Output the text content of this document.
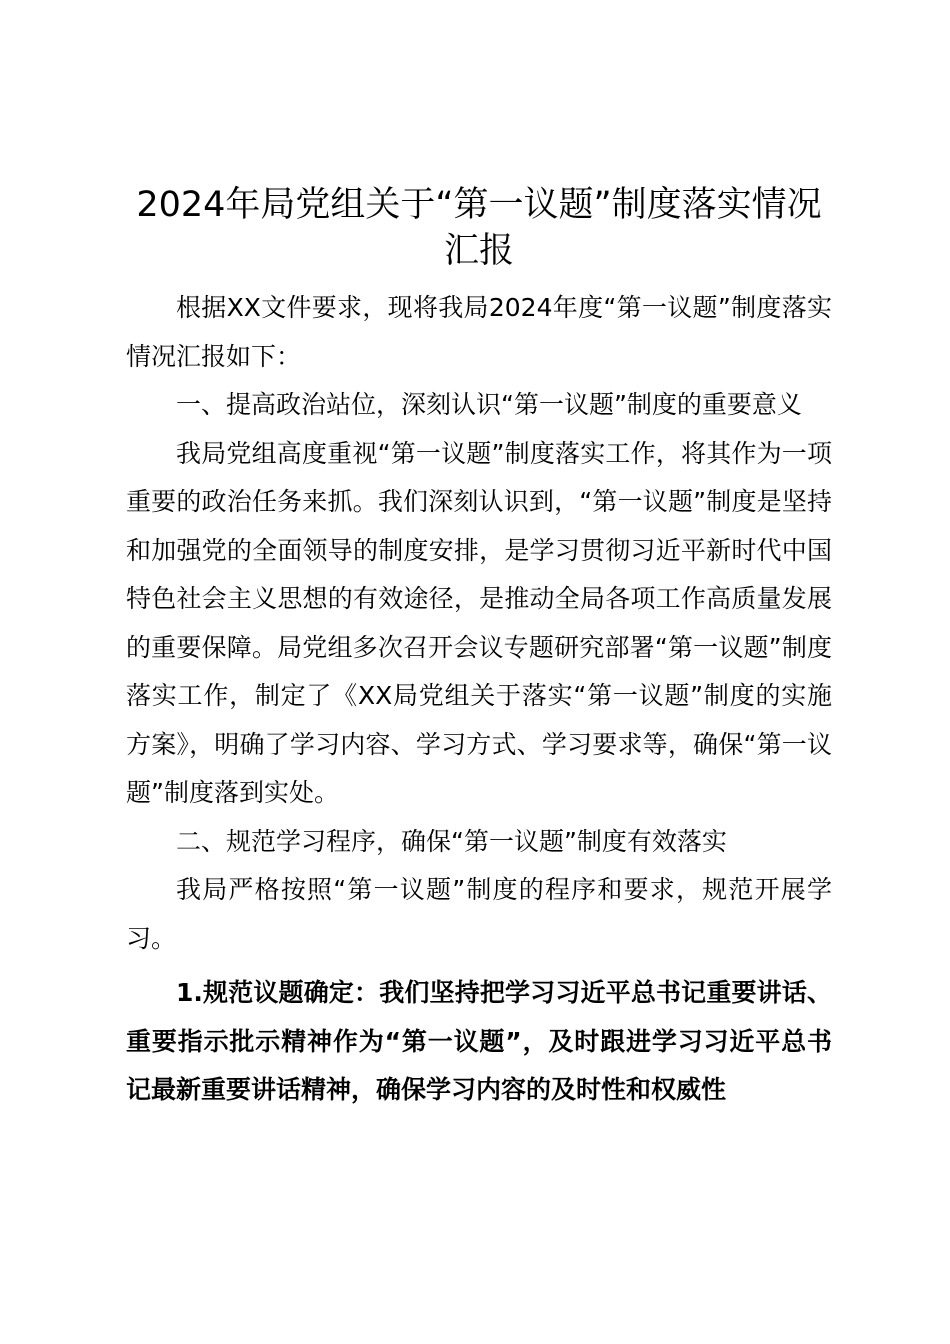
2024年局党组关于“第一议题”制度落实情况汇报

根据XX文件要求，现将我局2024年度“第一议题”制度落实情况汇报如下：

一、提高政治站位，深刻认识“第一议题”制度的重要意义

我局党组高度重视“第一议题”制度落实工作，将其作为一项重要的政治任务来抓。我们深刻认识到，“第一议题”制度是坚持和加强党的全面领导的制度安排，是学习贯彻习近平新时代中国特色社会主义思想的有效途径，是推动全局各项工作高质量发展的重要保障。局党组多次召开会议专题研究部署“第一议题”制度落实工作，制定了《XX局党组关于落实“第一议题”制度的实施方案》，明确了学习内容、学习方式、学习要求等，确保“第一议题”制度落到实处。

二、规范学习程序，确保“第一议题”制度有效落实

我局严格按照“第一议题”制度的程序和要求，规范开展学习。

1.规范议题确定：我们坚持把学习习近平总书记重要讲话、重要指示批示精神作为“第一议题”，及时跟进学习习近平总书记最新重要讲话精神，确保学习内容的及时性和权威性
